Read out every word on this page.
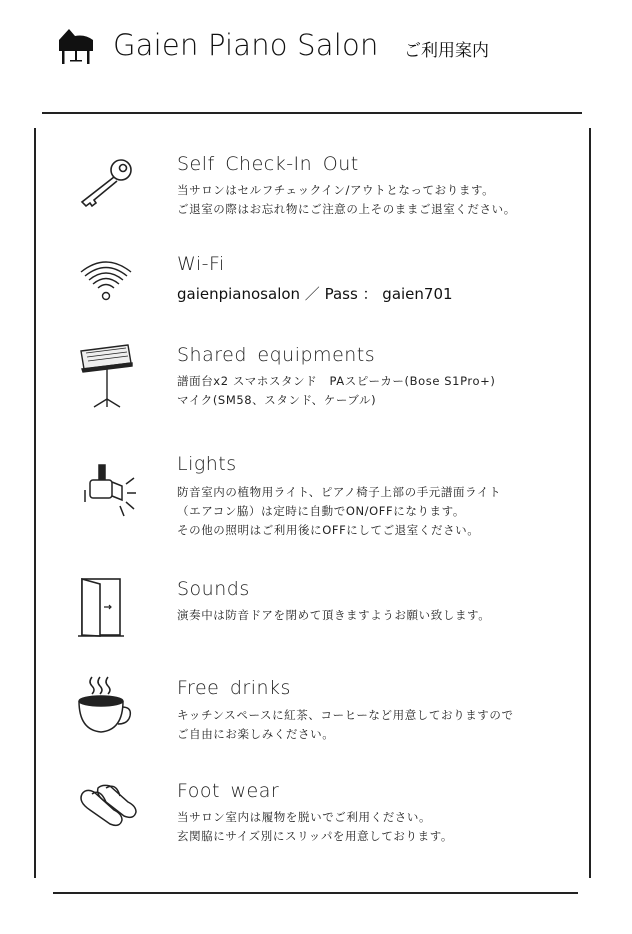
Gaien Piano Salon ご利用案内
Self Check-In Out
当サロンはセルフチェックイン/アウトとなっております。
ご退室の際はお忘れ物にご注意の上そのままご退室ください。
Wi-Fi
gaienpianosalon ／ Pass ： gaien701
Shared equipments
譜面台x2 スマホスタンド　PAスピーカー(Bose S1Pro+)
マイク(SM58、スタンド、ケーブル)
Lights
防音室内の植物用ライト、ピアノ椅子上部の手元譜面ライト
（エアコン脇）は定時に自動でON/OFFになります。
その他の照明はご利用後にOFFにしてご退室ください。
Sounds
演奏中は防音ドアを閉めて頂きますようお願い致します。
Free drinks
キッチンスペースに紅茶、コーヒーなど用意しておりますので
ご自由にお楽しみください。
Foot wear
当サロン室内は履物を脱いでご利用ください。
玄関脇にサイズ別にスリッパを用意しております。
